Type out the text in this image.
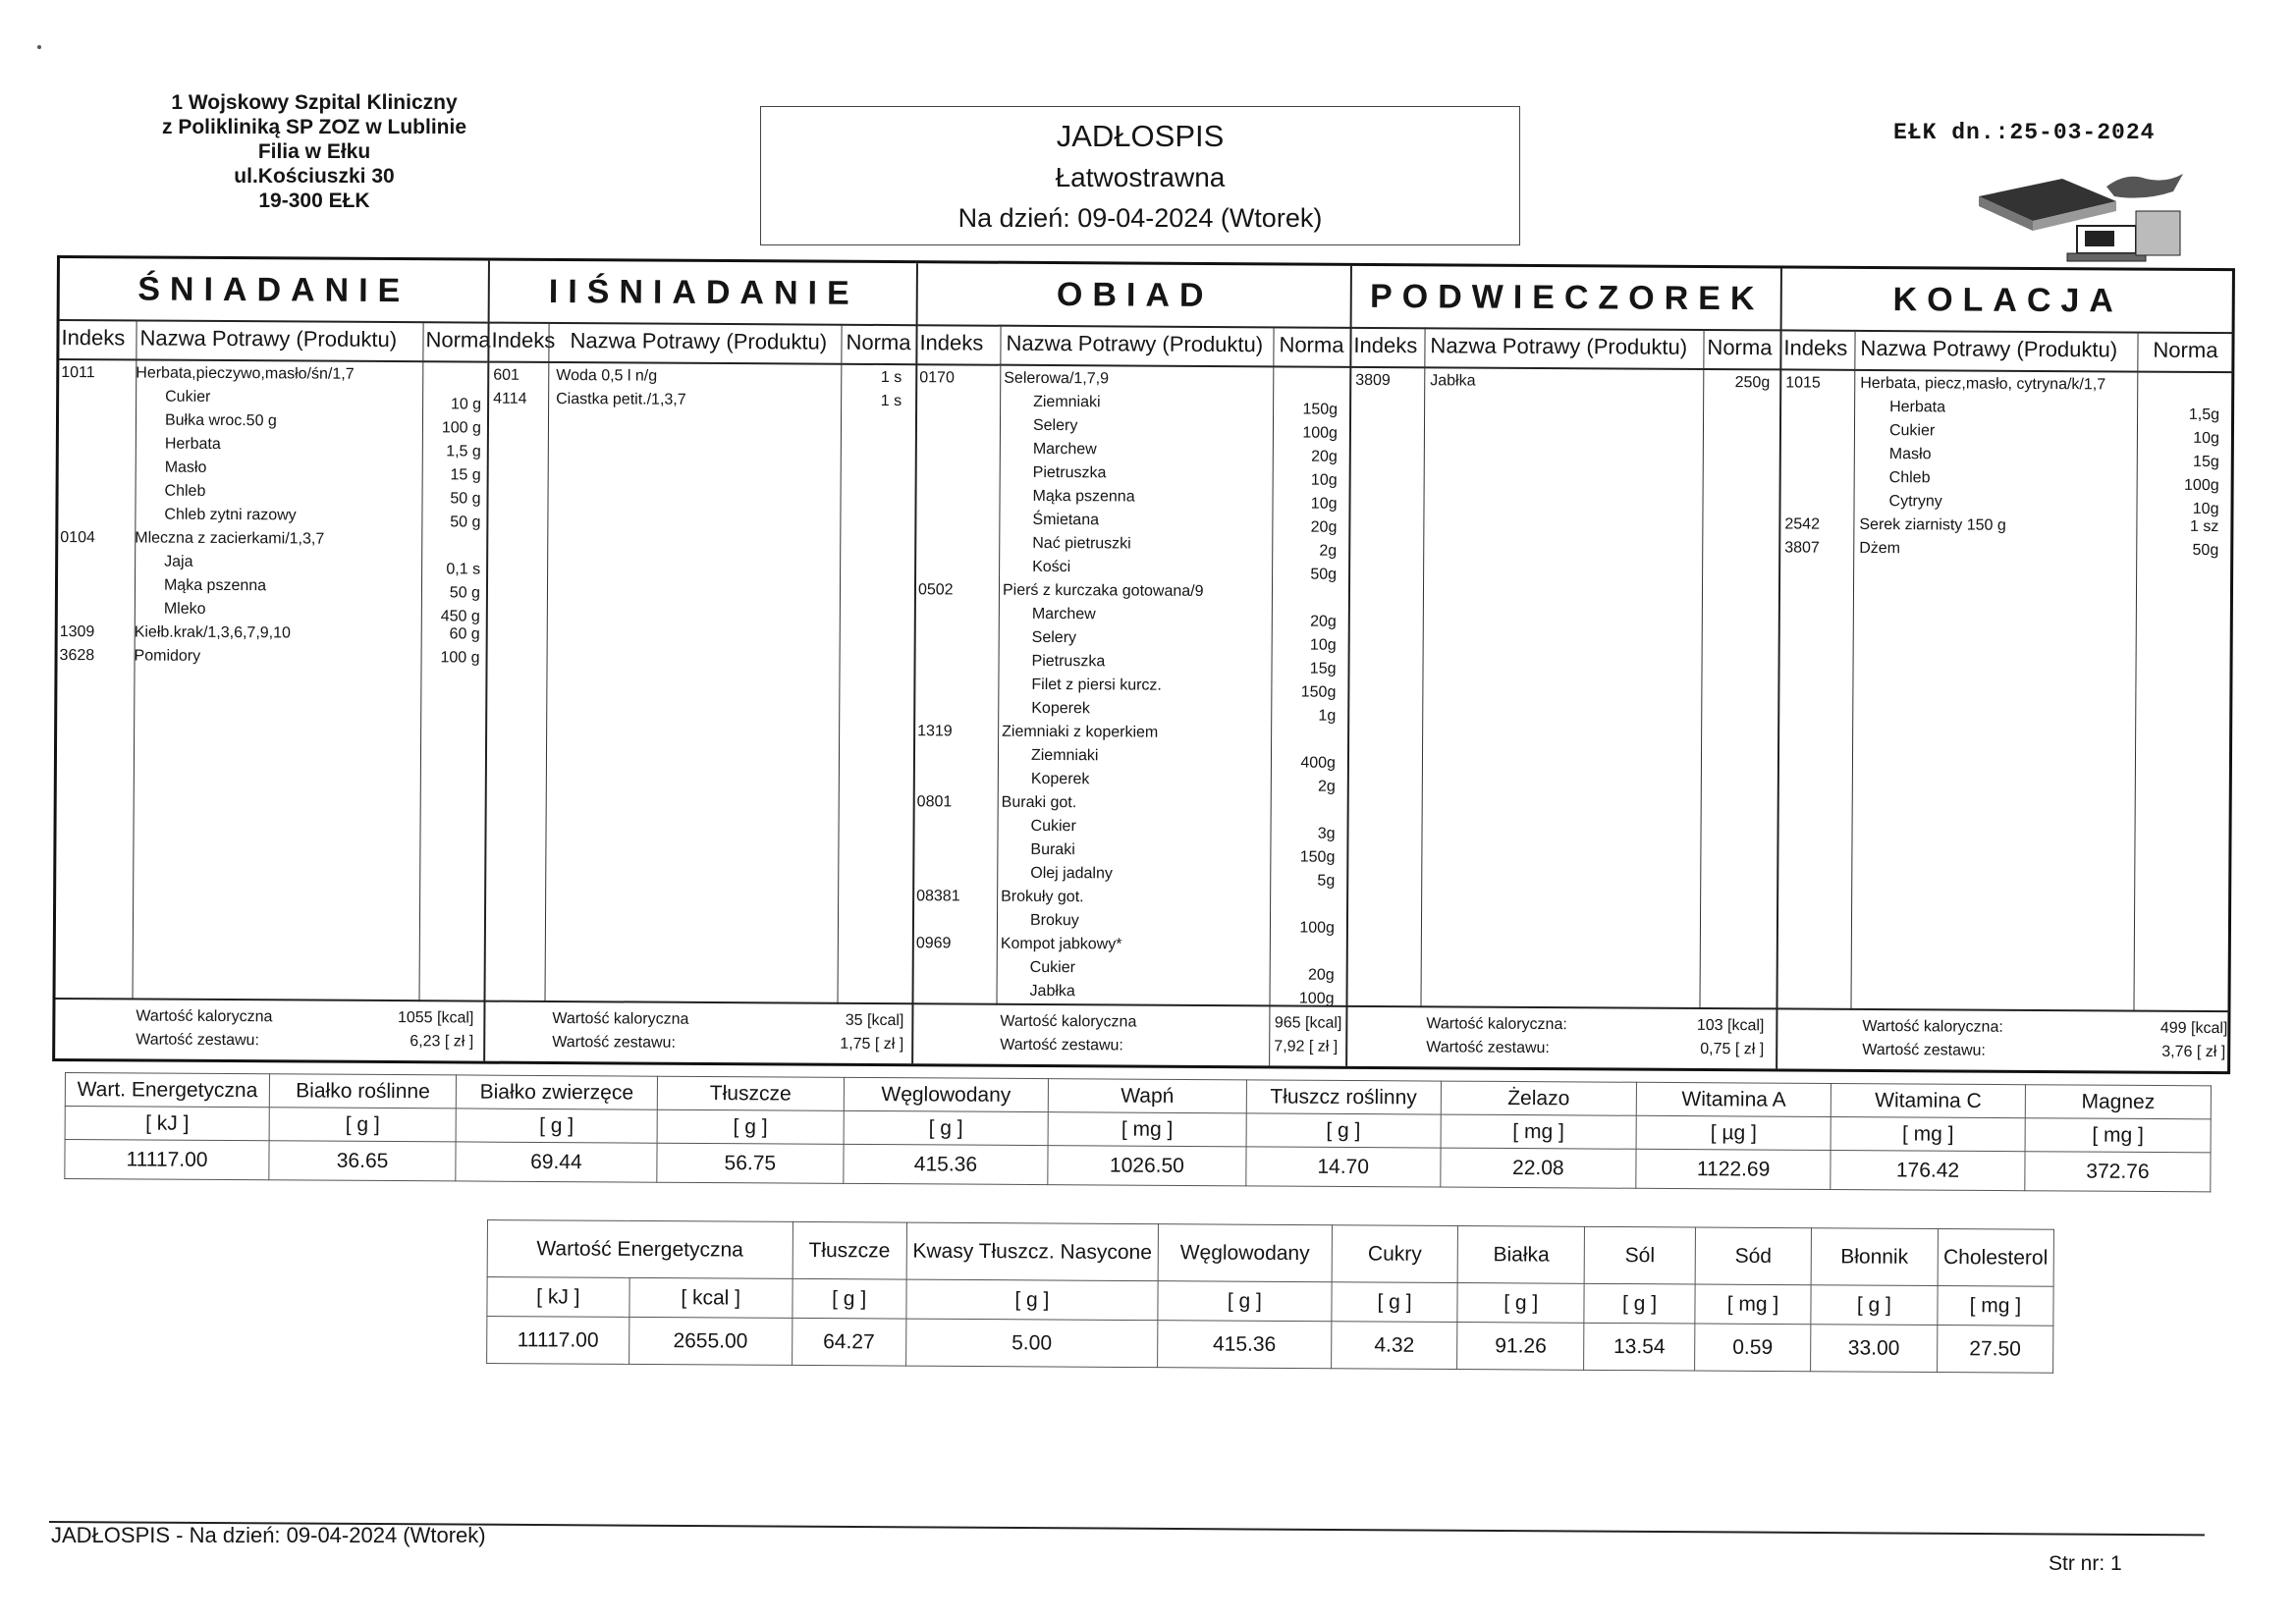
1 Wojskowy Szpital Kliniczny
z Polikliniką SP ZOZ w Lublinie
Filia w Ełku
ul.Kościuszki 30
19-300 EŁK
JADŁOSPIS
Łatwostrawna
Na dzień: 09-04-2024 (Wtorek)
EŁK dn.:25-03-2024
ŚNIADANIE
Indeks Nazwa Potrawy (Produktu) Norma
Wartość kaloryczna	1055 [kcal]
Wartość zestawu:	6,23 [ zł ]
1011	Herbata,pieczywo,masło/śn/1,7
Cukier	10 g
Bułka wroc.50 g	100 g
Herbata	1,5 g
Masło	15 g
Chleb	50 g
Chleb zytni razowy	50 g
0104	Mleczna z zacierkami/1,3,7
Jaja	0,1 s
Mąka pszenna	50 g
Mleko	450 g
1309	Kiełb.krak/1,3,6,7,9,10	60 g
3628	Pomidory	100 g
IIŚNIADANIE
Indeks Nazwa Potrawy (Produktu) Norma
Wartość kaloryczna	35 [kcal]
Wartość zestawu:	1,75 [ zł ]
601 Woda 0,5 l n/g	1 s
4114 Ciastka petit./1,3,7	1 s
OBIAD
Indeks Nazwa Potrawy (Produktu) Norma
Wartość kaloryczna	965 [kcal]
Wartość zestawu:	7,92 [ zł ]
0170	Selerowa/1,7,9
Ziemniaki	150g
Selery	100g
Marchew	20g
Pietruszka	10g
Mąka pszenna	10g
Śmietana	20g
Nać pietruszki	2g
Kości	50g
0502	Pierś z kurczaka gotowana/9
Marchew	20g
Selery	10g
Pietruszka	15g
Filet z piersi kurcz.	150g
Koperek	1g
1319	Ziemniaki z koperkiem
Ziemniaki	400g
Koperek	2g
0801	Buraki got.
Cukier	3g
Buraki	150g
Olej jadalny	5g
08381	Brokuły got.
Brokuy	100g
0969	Kompot jabkowy*
Cukier	20g
Jabłka	100g
PODWIECZOREK
Indeks Nazwa Potrawy (Produktu) Norma
Wartość kaloryczna:	103 [kcal]
Wartość zestawu:	0,75 [ zł ]
3809	Jabłka	250g
KOLACJA
Indeks Nazwa Potrawy (Produktu) Norma
Wartość kaloryczna:	499 [kcal]
Wartość zestawu:	3,76 [ zł ]
1015	Herbata, piecz,masło, cytryna/k/1,7
Herbata	1,5g
Cukier	10g
Masło	15g
Chleb	100g
Cytryny	10g
2542	Serek ziarnisty 150 g	1 sz
3807	Dżem	50g
Wart. Energetyczna	Białko roślinne	Białko zwierzęce	Tłuszcze	Węglowodany	Wapń	Tłuszcz roślinny	Żelazo	Witamina A	Witamina C	Magnez
[ kJ ]	[ g ]	[ g ]	[ g ]	[ g ]	[ mg ]	[ g ]	[ mg ]	[ µg ]	[ mg ]	[ mg ]
11117.00	36.65	69.44	56.75	415.36	1026.50	14.70	22.08	1122.69	176.42	372.76
Wartość Energetyczna		Tłuszcze	Kwasy Tłuszcz. Nasycone	Węglowodany	Cukry	Białka	Sól	Sód	Błonnik	Cholesterol
[ kJ ]	[ kcal ]	[ g ]	[ g ]	[ g ]	[ g ]	[ g ]	[ g ]	[ mg ]	[ g ]	[ mg ]
11117.00	2655.00	64.27	5.00	415.36	4.32	91.26	13.54	0.59	33.00	27.50
JADŁOSPIS - Na dzień: 09-04-2024 (Wtorek)
Str nr: 1
